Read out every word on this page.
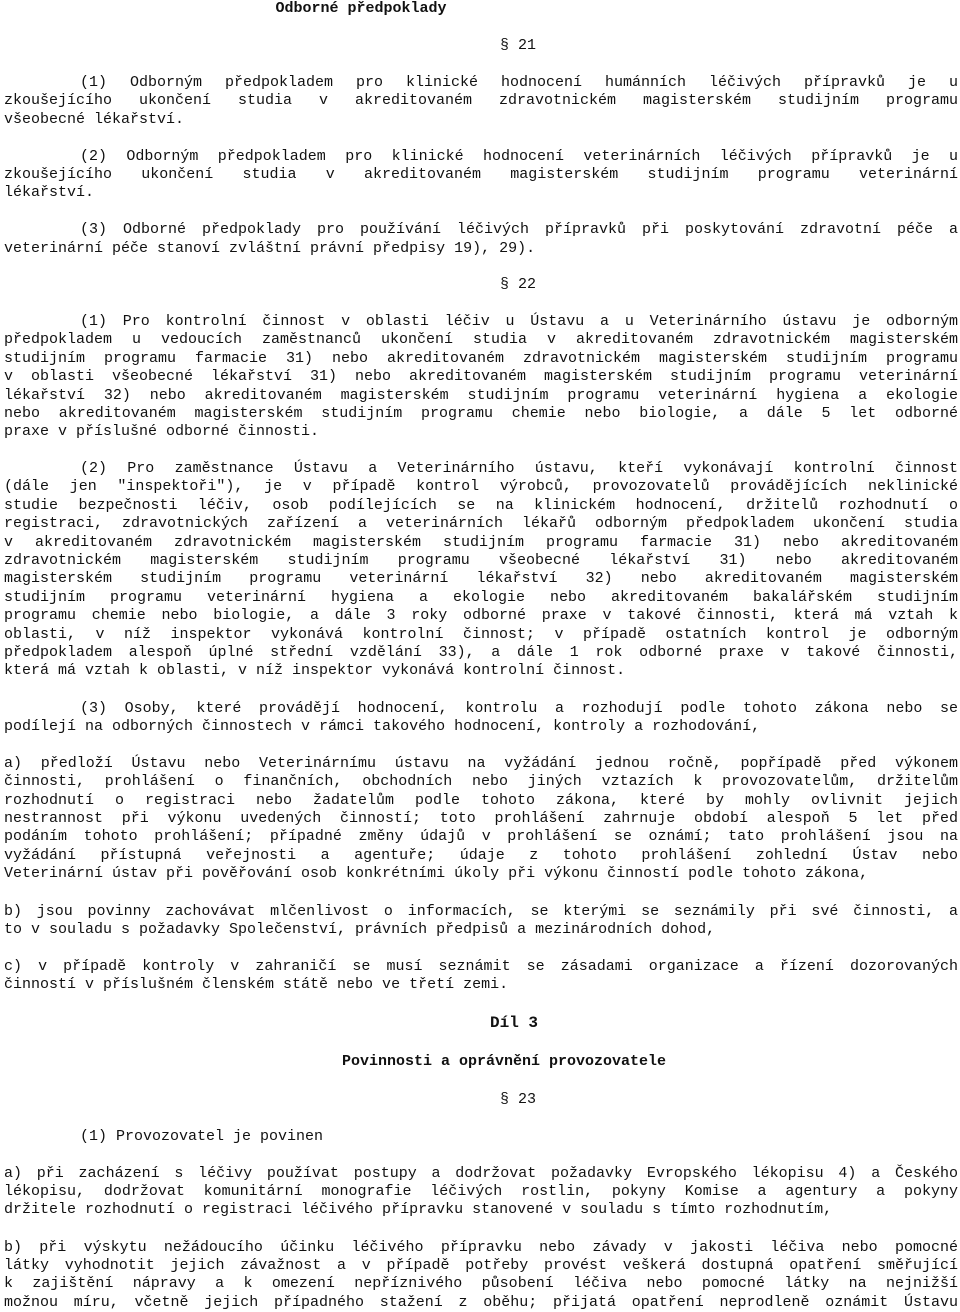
Odborné předpoklady
§ 21
(1) Odborným předpokladem pro klinické hodnocení humánních léčivých přípravků je u
zkoušejícího ukončení studia v akreditovaném zdravotnickém magisterském studijním programu
všeobecné lékařství.
(2) Odborným předpokladem pro klinické hodnocení veterinárních léčivých přípravků je u
zkoušejícího ukončení studia v akreditovaném magisterském studijním programu veterinární
lékařství.
(3) Odborné předpoklady pro používání léčivých přípravků při poskytování zdravotní péče a
veterinární péče stanoví zvláštní právní předpisy 19), 29).
§ 22
(1) Pro kontrolní činnost v oblasti léčiv u Ústavu a u Veterinárního ústavu je odborným
předpokladem u vedoucích zaměstnanců ukončení studia v akreditovaném zdravotnickém magisterském
studijním programu farmacie 31) nebo akreditovaném zdravotnickém magisterském studijním programu
v oblasti všeobecné lékařství 31) nebo akreditovaném magisterském studijním programu veterinární
lékařství 32) nebo akreditovaném magisterském studijním programu veterinární hygiena a ekologie
nebo akreditovaném magisterském studijním programu chemie nebo biologie, a dále 5 let odborné
praxe v příslušné odborné činnosti.
(2) Pro zaměstnance Ústavu a Veterinárního ústavu, kteří vykonávají kontrolní činnost
(dále jen "inspektoři"), je v případě kontrol výrobců, provozovatelů provádějících neklinické
studie bezpečnosti léčiv, osob podílejících se na klinickém hodnocení, držitelů rozhodnutí o
registraci, zdravotnických zařízení a veterinárních lékařů odborným předpokladem ukončení studia
v akreditovaném zdravotnickém magisterském studijním programu farmacie 31) nebo akreditovaném
zdravotnickém magisterském studijním programu všeobecné lékařství 31) nebo akreditovaném
magisterském studijním programu veterinární lékařství 32) nebo akreditovaném magisterském
studijním programu veterinární hygiena a ekologie nebo akreditovaném bakalářském studijním
programu chemie nebo biologie, a dále 3 roky odborné praxe v takové činnosti, která má vztah k
oblasti, v níž inspektor vykonává kontrolní činnost; v případě ostatních kontrol je odborným
předpokladem alespoň úplné střední vzdělání 33), a dále 1 rok odborné praxe v takové činnosti,
která má vztah k oblasti, v níž inspektor vykonává kontrolní činnost.
(3) Osoby, které provádějí hodnocení, kontrolu a rozhodují podle tohoto zákona nebo se
podílejí na odborných činnostech v rámci takového hodnocení, kontroly a rozhodování,
a) předloží Ústavu nebo Veterinárnímu ústavu na vyžádání jednou ročně, popřípadě před výkonem
činnosti, prohlášení o finančních, obchodních nebo jiných vztazích k provozovatelům, držitelům
rozhodnutí o registraci nebo žadatelům podle tohoto zákona, které by mohly ovlivnit jejich
nestrannost při výkonu uvedených činností; toto prohlášení zahrnuje období alespoň 5 let před
podáním tohoto prohlášení; případné změny údajů v prohlášení se oznámí; tato prohlášení jsou na
vyžádání přístupná veřejnosti a agentuře; údaje z tohoto prohlášení zohlední Ústav nebo
Veterinární ústav při pověřování osob konkrétními úkoly při výkonu činností podle tohoto zákona,
b) jsou povinny zachovávat mlčenlivost o informacích, se kterými se seznámily při své činnosti, a
to v souladu s požadavky Společenství, právních předpisů a mezinárodních dohod,
c) v případě kontroly v zahraničí se musí seznámit se zásadami organizace a řízení dozorovaných
činností v příslušném členském státě nebo ve třetí zemi.
Díl 3
Povinnosti a oprávnění provozovatele
§ 23
(1) Provozovatel je povinen
a) při zacházení s léčivy používat postupy a dodržovat požadavky Evropského lékopisu 4) a Českého
lékopisu, dodržovat komunitární monografie léčivých rostlin, pokyny Komise a agentury a pokyny
držitele rozhodnutí o registraci léčivého přípravku stanovené v souladu s tímto rozhodnutím,
b) při výskytu nežádoucího účinku léčivého přípravku nebo závady v jakosti léčiva nebo pomocné
látky vyhodnotit jejich závažnost a v případě potřeby provést veškerá dostupná opatření směřující
k zajištění nápravy a k omezení nepříznivého působení léčiva nebo pomocné látky na nejnižší
možnou míru, včetně jejich případného stažení z oběhu; přijatá opatření neprodleně oznámit Ústavu
